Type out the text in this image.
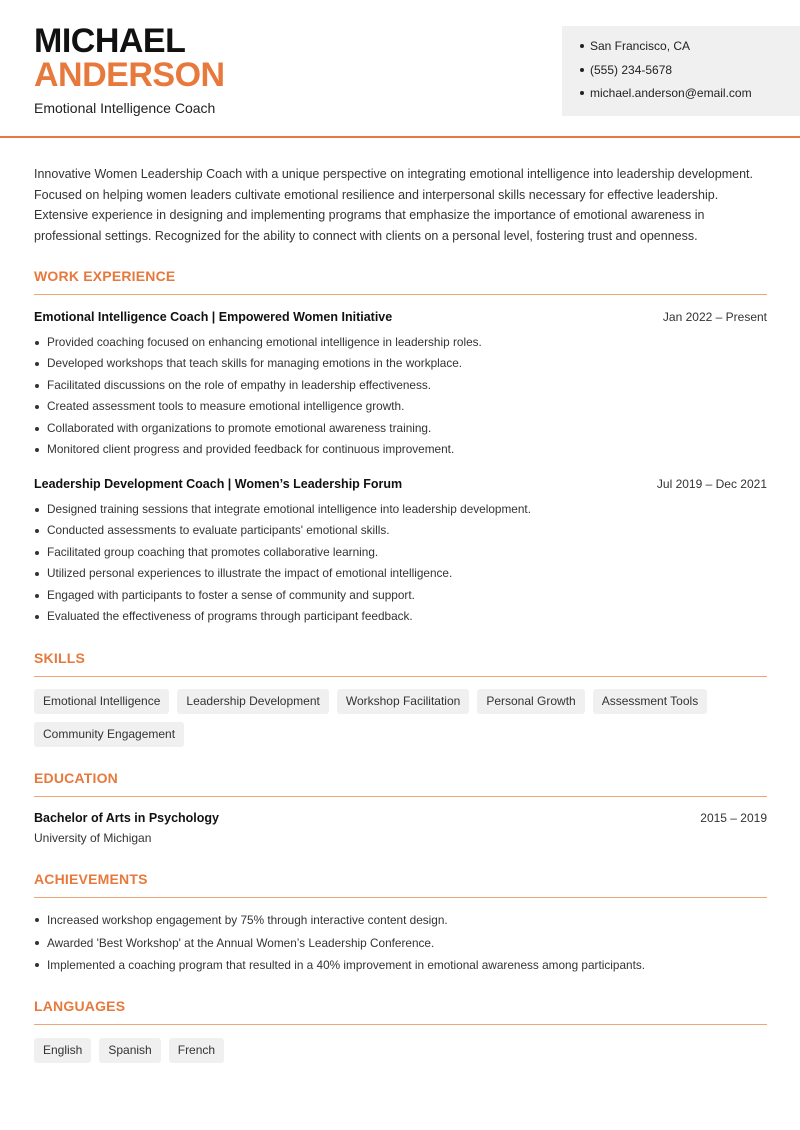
MICHAEL
ANDERSON
Emotional Intelligence Coach
San Francisco, CA
(555) 234-5678
michael.anderson@email.com

Innovative Women Leadership Coach with a unique perspective on integrating emotional intelligence into leadership development. Focused on helping women leaders cultivate emotional resilience and interpersonal skills necessary for effective leadership. Extensive experience in designing and implementing programs that emphasize the importance of emotional awareness in professional settings. Recognized for the ability to connect with clients on a personal level, fostering trust and openness.

WORK EXPERIENCE
Emotional Intelligence Coach | Empowered Women Initiative	Jan 2022 – Present
Provided coaching focused on enhancing emotional intelligence in leadership roles.
Developed workshops that teach skills for managing emotions in the workplace.
Facilitated discussions on the role of empathy in leadership effectiveness.
Created assessment tools to measure emotional intelligence growth.
Collaborated with organizations to promote emotional awareness training.
Monitored client progress and provided feedback for continuous improvement.
Leadership Development Coach | Women’s Leadership Forum	Jul 2019 – Dec 2021
Designed training sessions that integrate emotional intelligence into leadership development.
Conducted assessments to evaluate participants' emotional skills.
Facilitated group coaching that promotes collaborative learning.
Utilized personal experiences to illustrate the impact of emotional intelligence.
Engaged with participants to foster a sense of community and support.
Evaluated the effectiveness of programs through participant feedback.
SKILLS
Emotional Intelligence	Leadership Development	Workshop Facilitation	Personal Growth	Assessment Tools
Community Engagement
EDUCATION
Bachelor of Arts in Psychology	2015 – 2019
University of Michigan
ACHIEVEMENTS
Increased workshop engagement by 75% through interactive content design.
Awarded 'Best Workshop' at the Annual Women’s Leadership Conference.
Implemented a coaching program that resulted in a 40% improvement in emotional awareness among participants.
LANGUAGES
English	Spanish	French
